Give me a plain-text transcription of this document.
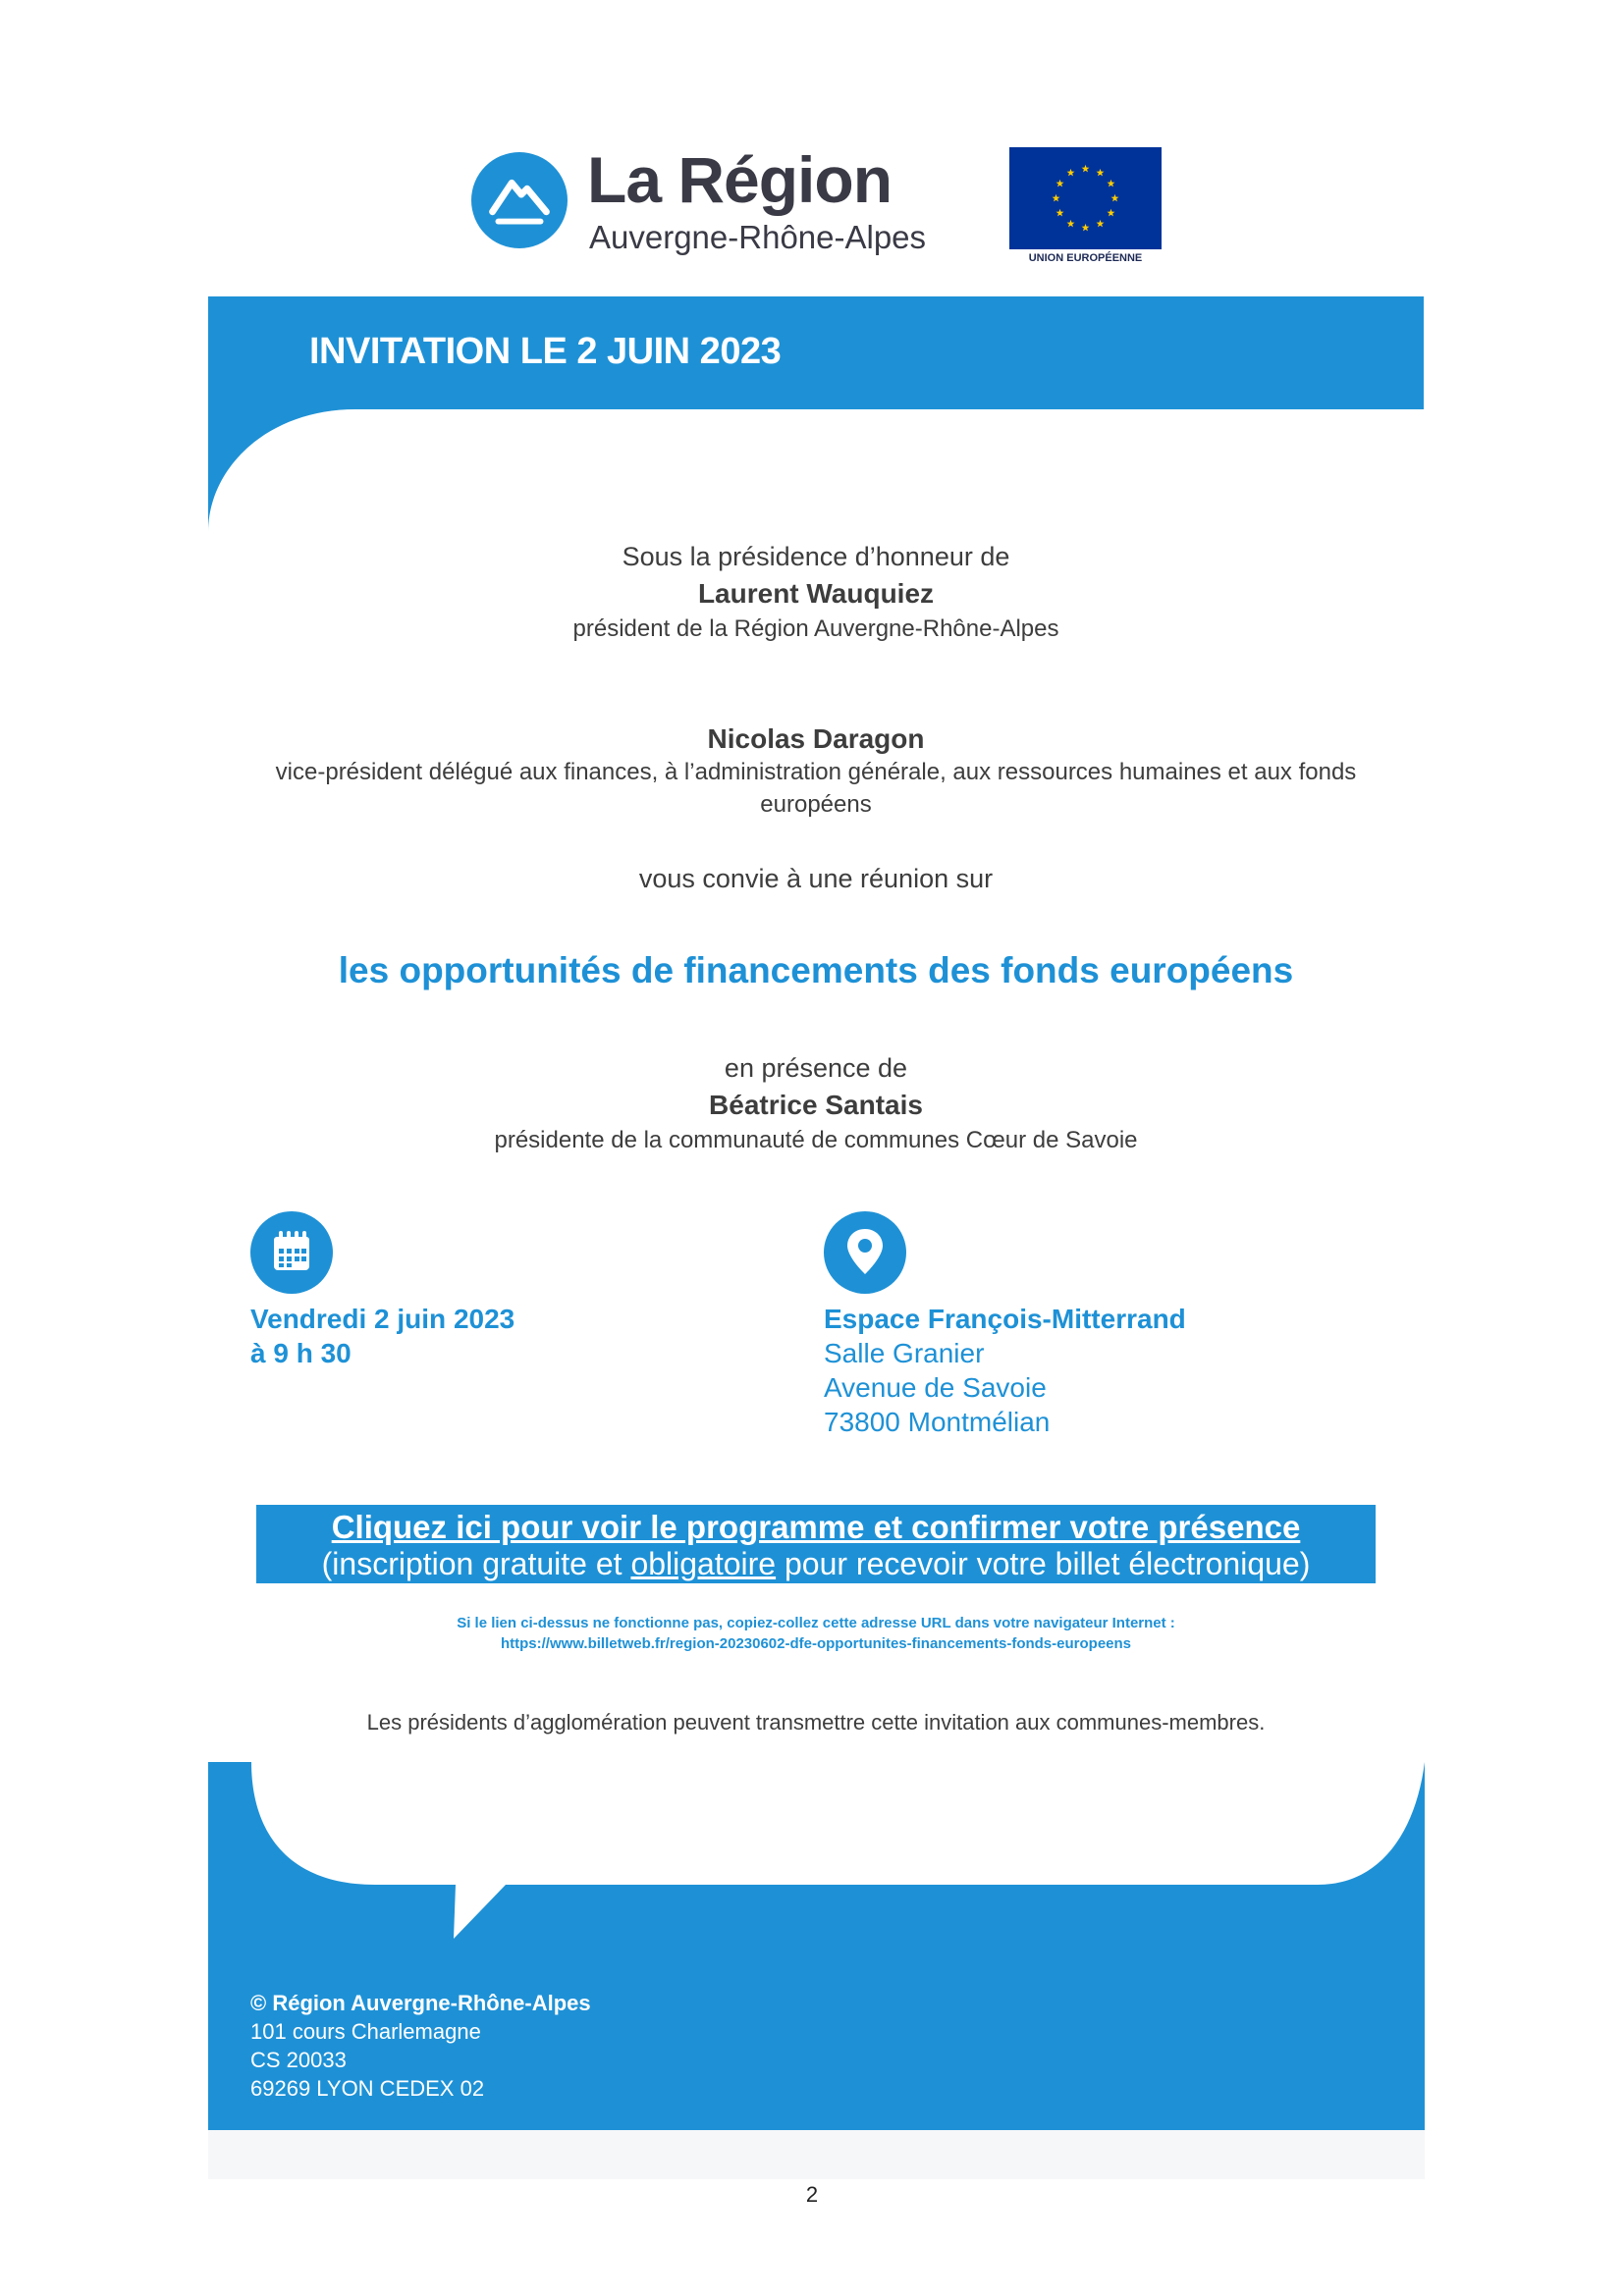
La Région
Auvergne-Rhône-Alpes
UNION EUROPÉENNE
INVITATION LE 2 JUIN 2023
Sous la présidence d’honneur de
Laurent Wauquiez
président de la Région Auvergne-Rhône-Alpes
Nicolas Daragon
vice-président délégué aux finances, à l’administration générale, aux ressources humaines et aux fonds
européens
vous convie à une réunion sur
les opportunités de financements des fonds européens
en présence de
Béatrice Santais
présidente de la communauté de communes Cœur de Savoie
Vendredi 2 juin 2023
à 9 h 30
Espace François-Mitterrand
Salle Granier
Avenue de Savoie
73800 Montmélian
Cliquez ici pour voir le programme et confirmer votre présence
(inscription gratuite et obligatoire pour recevoir votre billet électronique)
Si le lien ci-dessus ne fonctionne pas, copiez-collez cette adresse URL dans votre navigateur Internet :
https://www.billetweb.fr/region-20230602-dfe-opportunites-financements-fonds-europeens
Les présidents d’agglomération peuvent transmettre cette invitation aux communes-membres.
© Région Auvergne-Rhône-Alpes
101 cours Charlemagne
CS 20033
69269 LYON CEDEX 02
2
